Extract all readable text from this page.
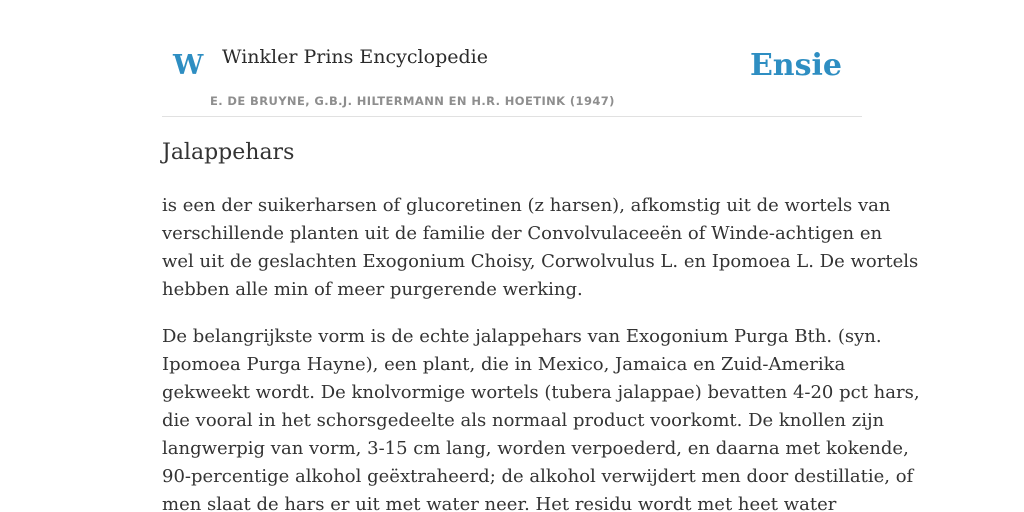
W Winkler Prins Encyclopedie
E. DE BRUYNE, G.B.J. HILTERMANN EN H.R. HOETINK (1947)
Ensie
Jalappehars

is een der suikerharsen of glucoretinen (z harsen), afkomstig uit de wortels van
verschillende planten uit de familie der Convolvulaceeën of Winde-achtigen en
wel uit de geslachten Exogonium Choisy, Corwolvulus L. en Ipomoea L. De wortels
hebben alle min of meer purgerende werking.

De belangrijkste vorm is de echte jalappehars van Exogonium Purga Bth. (syn.
Ipomoea Purga Hayne), een plant, die in Mexico, Jamaica en Zuid-Amerika
gekweekt wordt. De knolvormige wortels (tubera jalappae) bevatten 4-20 pct hars,
die vooral in het schorsgedeelte als normaal product voorkomt. De knollen zijn
langwerpig van vorm, 3-15 cm lang, worden verpoederd, en daarna met kokende,
90-percentige alkohol geëxtraheerd; de alkohol verwijdert men door destillatie, of
men slaat de hars er uit met water neer. Het residu wordt met heet water
